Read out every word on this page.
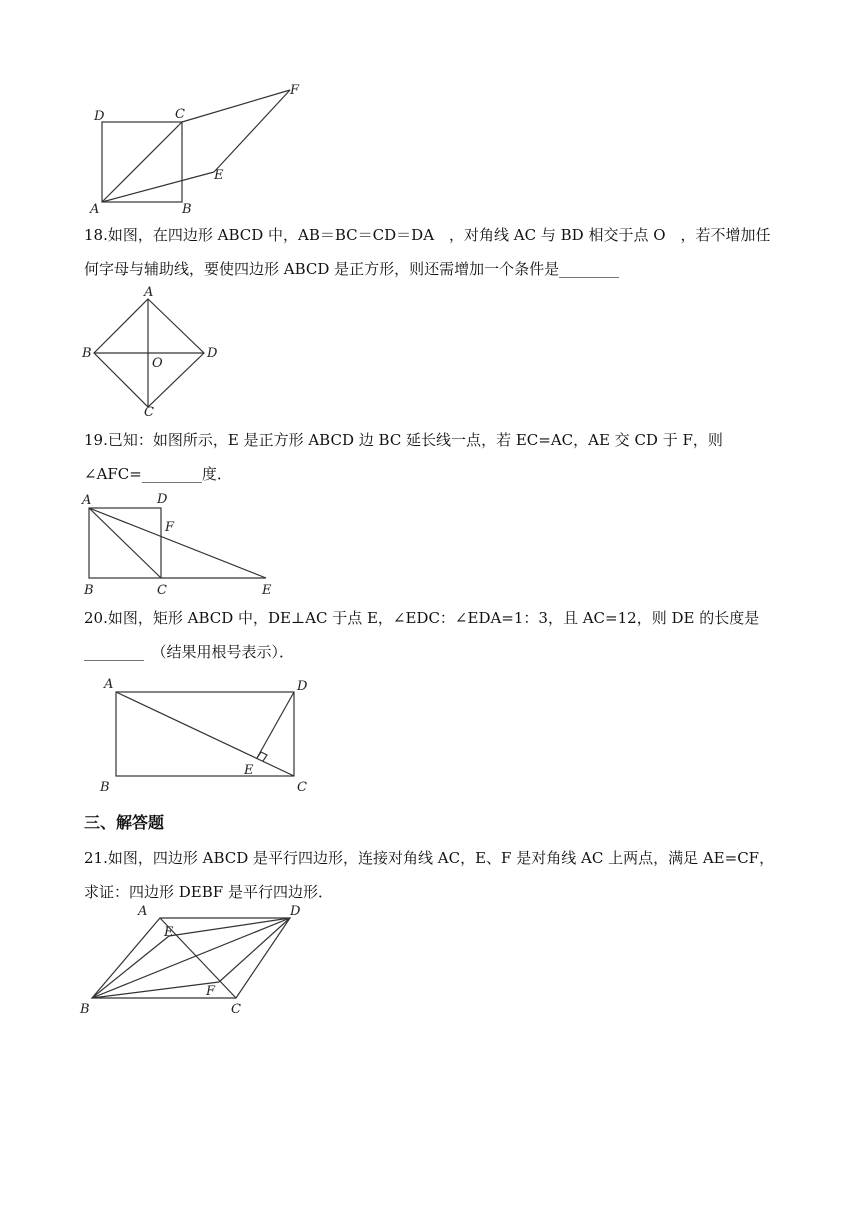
D	C
F
E
A	B

18.如图，在四边形 ABCD 中，AB＝BC＝CD＝DA　，对角线 AC 与 BD 相交于点 O　，若不增加任何字母与辅助线，要使四边形 ABCD 是正方形，则还需增加一个条件是________

A
B
O
D
C

19.已知：如图所示，E 是正方形 ABCD 边 BC 延长线一点，若 EC=AC，AE 交 CD 于 F，则∠AFC=________度．

A	D
F
B	C	E

20.如图，矩形 ABCD 中，DE⊥AC 于点 E，∠EDC：∠EDA=1：3，且 AC=12，则 DE 的长度是________　（结果用根号表示）．

A	D
B
E
C

三、解答题

21.如图，四边形 ABCD 是平行四边形，连接对角线 AC，E、F 是对角线 AC 上两点，满足 AE=CF，求证：四边形 DEBF 是平行四边形．

A	D
E
F
B	C
